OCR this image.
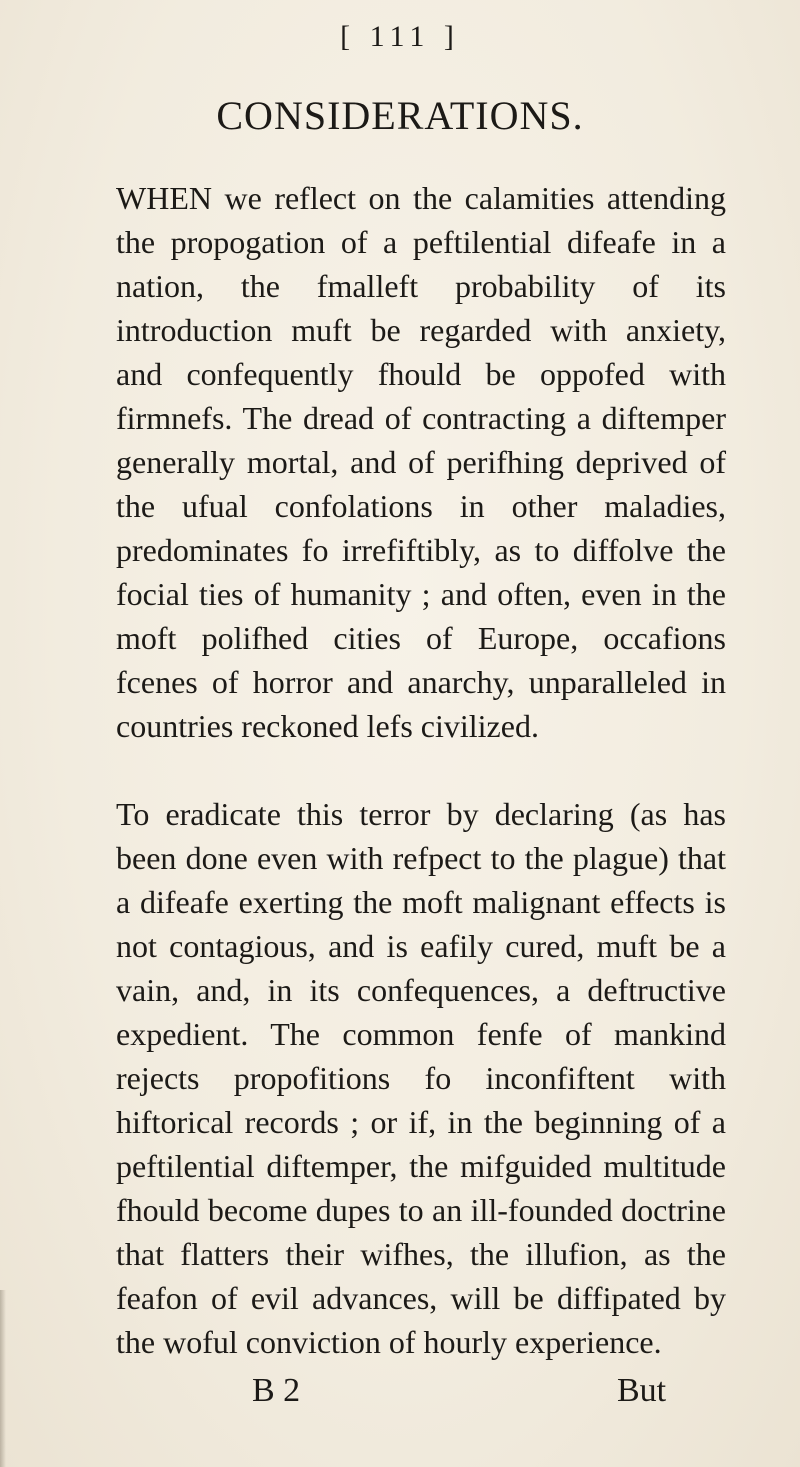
[ 111 ]
CONSIDERATIONS.

WHEN we reflect on the calamities attending the propogation of a peftilential difeafe in a nation, the fmalleft probability of its introduction muft be regarded with anxiety, and confequently fhould be oppofed with firmnefs. The dread of contracting a diftemper generally mortal, and of perifhing deprived of the ufual confolations in other maladies, predominates fo irrefiftibly, as to diffolve the focial ties of humanity ; and often, even in the moft polifhed cities of Europe, occafions fcenes of horror and anarchy, unparalleled in countries reckoned lefs civilized.

To eradicate this terror by declaring (as has been done even with refpect to the plague) that a difeafe exerting the moft malignant effects is not contagious, and is eafily cured, muft be a vain, and, in its confequences, a deftructive expedient. The common fenfe of mankind rejects propofitions fo inconfiftent with hiftorical records ; or if, in the beginning of a peftilential diftemper, the mifguided multitude fhould become dupes to an ill-founded doctrine that flatters their wifhes, the illufion, as the feafon of evil advances, will be diffipated by the woful conviction of hourly experience.

B 2	But
